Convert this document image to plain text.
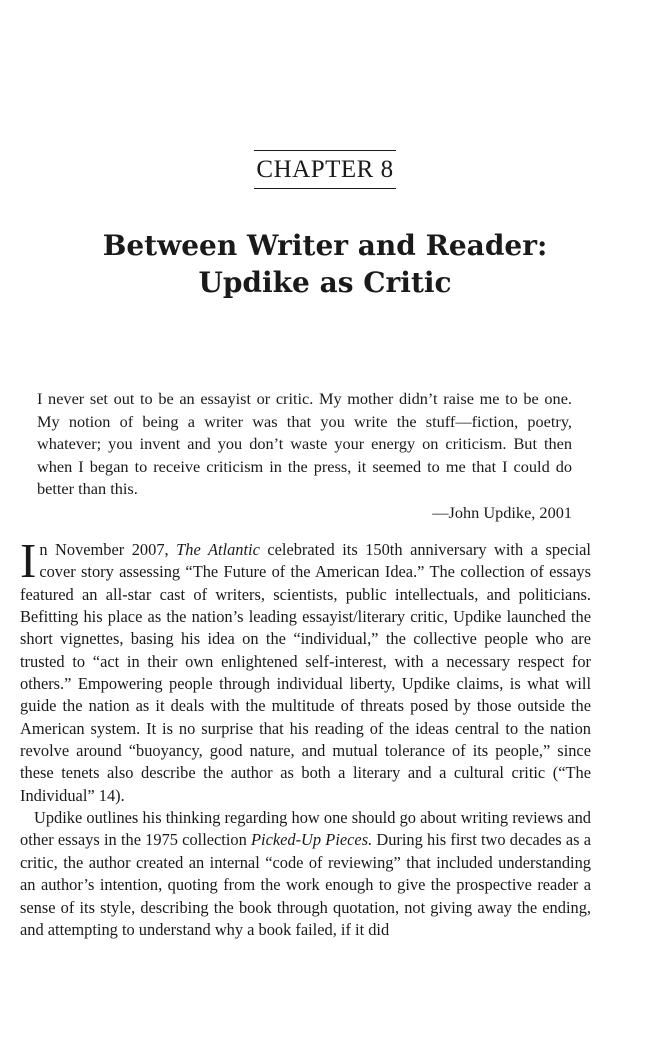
CHAPTER 8
Between Writer and Reader:
Updike as Critic
I never set out to be an essayist or critic. My mother didn’t raise me to be one. My notion of being a writer was that you write the stuff—fiction, poetry, whatever; you invent and you don’t waste your energy on criticism. But then when I began to receive criticism in the press, it seemed to me that I could do better than this.
—John Updike, 2001

In November 2007, The Atlantic celebrated its 150th anniversary with a special cover story assessing “The Future of the American Idea.” The collection of essays featured an all-star cast of writers, scientists, public intellectuals, and politicians. Befitting his place as the nation’s leading essayist/literary critic, Updike launched the short vignettes, basing his idea on the “individual,” the collective people who are trusted to “act in their own enlightened self-interest, with a necessary respect for others.” Empowering people through individual liberty, Updike claims, is what will guide the nation as it deals with the multitude of threats posed by those outside the American system. It is no surprise that his reading of the ideas central to the nation revolve around “buoyancy, good nature, and mutual tolerance of its people,” since these tenets also describe the author as both a literary and a cultural critic (“The Individual” 14).

Updike outlines his thinking regarding how one should go about writing reviews and other essays in the 1975 collection Picked-Up Pieces. During his first two decades as a critic, the author created an internal “code of reviewing” that included understanding an author’s intention, quoting from the work enough to give the prospective reader a sense of its style, describing the book through quotation, not giving away the ending, and attempting to understand why a book failed, if it did
